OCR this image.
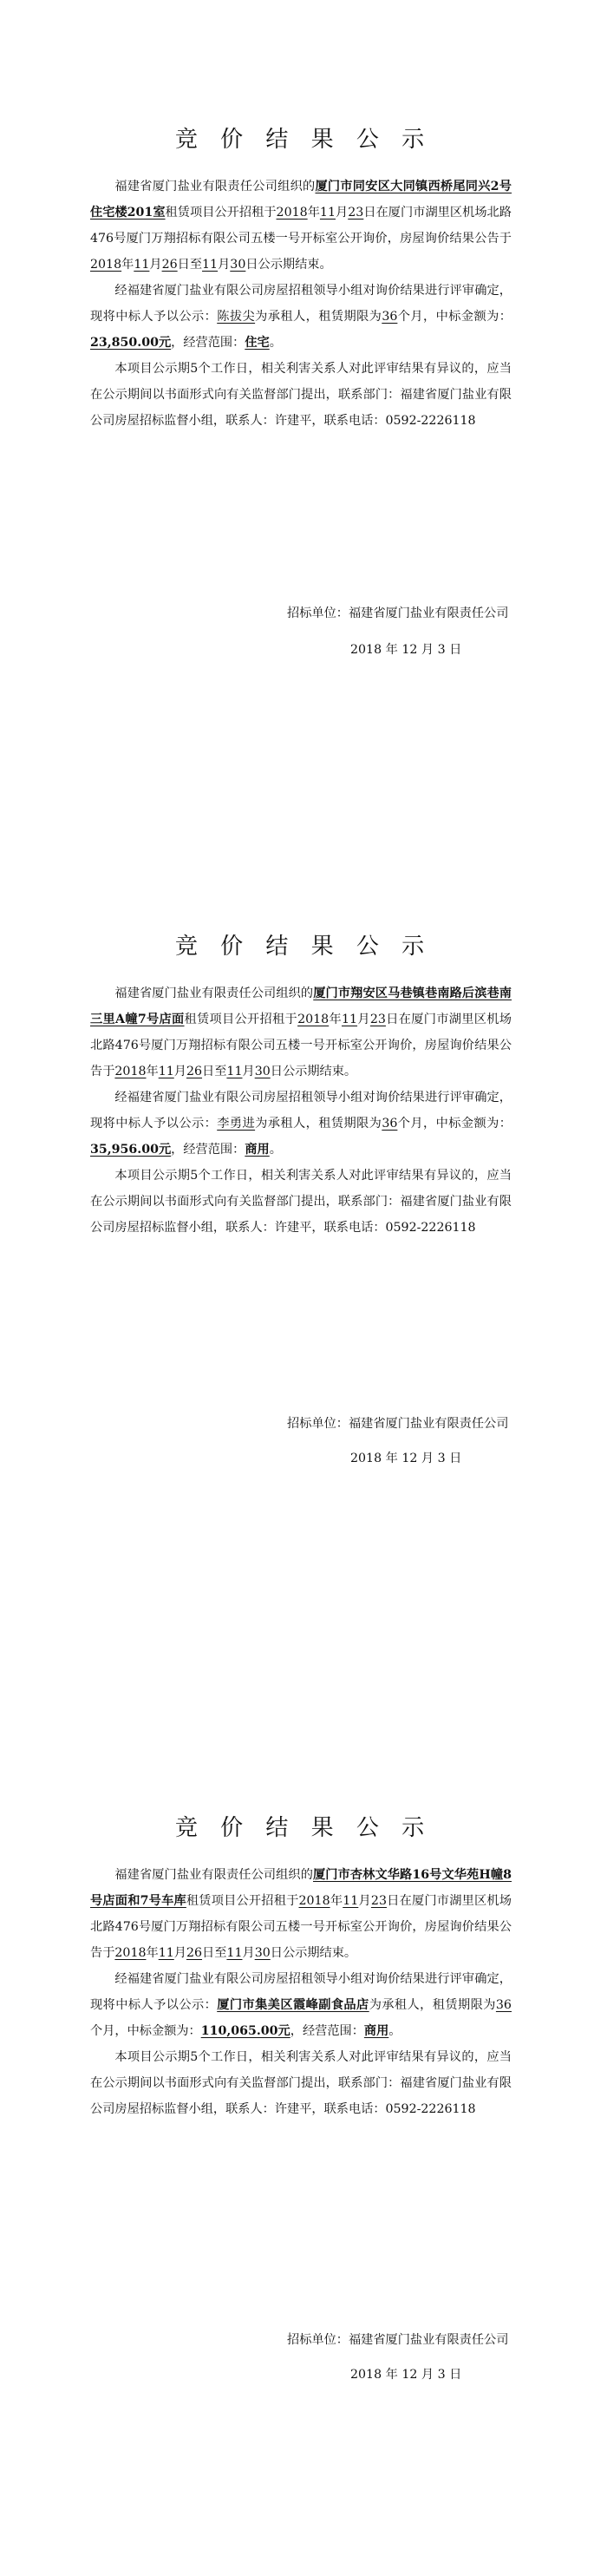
竞 价 结 果 公 示

福建省厦门盐业有限责任公司组织的厦门市同安区大同镇西桥尾同兴2号住宅楼201室租赁项目公开招租于2018年11月23日在厦门市湖里区机场北路476号厦门万翔招标有限公司五楼一号开标室公开询价，房屋询价结果公告于2018年11月26日至11月30日公示期结束。

经福建省厦门盐业有限公司房屋招租领导小组对询价结果进行评审确定，现将中标人予以公示：陈拔尖为承租人，租赁期限为36个月，中标金额为：23,850.00元，经营范围：住宅。

本项目公示期5个工作日，相关利害关系人对此评审结果有异议的，应当在公示期间以书面形式向有关监督部门提出，联系部门：福建省厦门盐业有限公司房屋招标监督小组，联系人：许建平，联系电话：0592-2226118

招标单位：福建省厦门盐业有限责任公司
2018 年 12 月 3 日
竞 价 结 果 公 示

福建省厦门盐业有限责任公司组织的厦门市翔安区马巷镇巷南路后滨巷南三里A幢7号店面租赁项目公开招租于2018年11月23日在厦门市湖里区机场北路476号厦门万翔招标有限公司五楼一号开标室公开询价，房屋询价结果公告于2018年11月26日至11月30日公示期结束。

经福建省厦门盐业有限公司房屋招租领导小组对询价结果进行评审确定，现将中标人予以公示：李勇进为承租人，租赁期限为36个月，中标金额为：35,956.00元，经营范围：商用。

本项目公示期5个工作日，相关利害关系人对此评审结果有异议的，应当在公示期间以书面形式向有关监督部门提出，联系部门：福建省厦门盐业有限公司房屋招标监督小组，联系人：许建平，联系电话：0592-2226118

招标单位：福建省厦门盐业有限责任公司
2018 年 12 月 3 日
竞 价 结 果 公 示

福建省厦门盐业有限责任公司组织的厦门市杏林文华路16号文华苑H幢8号店面和7号车库租赁项目公开招租于2018年11月23日在厦门市湖里区机场北路476号厦门万翔招标有限公司五楼一号开标室公开询价，房屋询价结果公告于2018年11月26日至11月30日公示期结束。

经福建省厦门盐业有限公司房屋招租领导小组对询价结果进行评审确定，现将中标人予以公示：厦门市集美区霞峰副食品店为承租人，租赁期限为36个月，中标金额为：110,065.00元，经营范围：商用。

本项目公示期5个工作日，相关利害关系人对此评审结果有异议的，应当在公示期间以书面形式向有关监督部门提出，联系部门：福建省厦门盐业有限公司房屋招标监督小组，联系人：许建平，联系电话：0592-2226118

招标单位：福建省厦门盐业有限责任公司
2018 年 12 月 3 日
